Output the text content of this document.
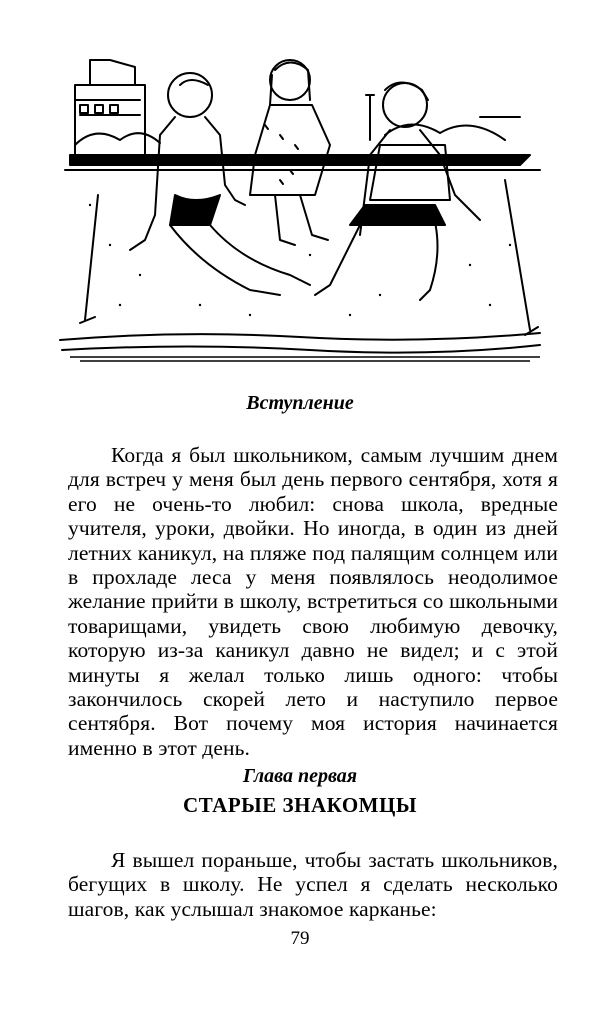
Вступление
Когда я был школьником, самым лучшим днем для встреч у меня был день первого сентября, хотя я его не очень-то любил: снова школа, вредные учителя, уроки, двойки. Но иногда, в один из дней летних каникул, на пляже под палящим солнцем или в прохладе леса у меня появлялось неодолимое желание прийти в школу, встретиться со школьными товарищами, увидеть свою любимую девочку, которую из-за каникул давно не видел; и с этой минуты я желал только лишь одного: чтобы закончилось скорей лето и наступило первое сентября. Вот почему моя история начинается именно в этот день.
Глава первая
СТАРЫЕ ЗНАКОМЦЫ
Я вышел пораньше, чтобы застать школьников, бегущих в школу. Не успел я сделать несколько шагов, как услышал знакомое карканье:
79
